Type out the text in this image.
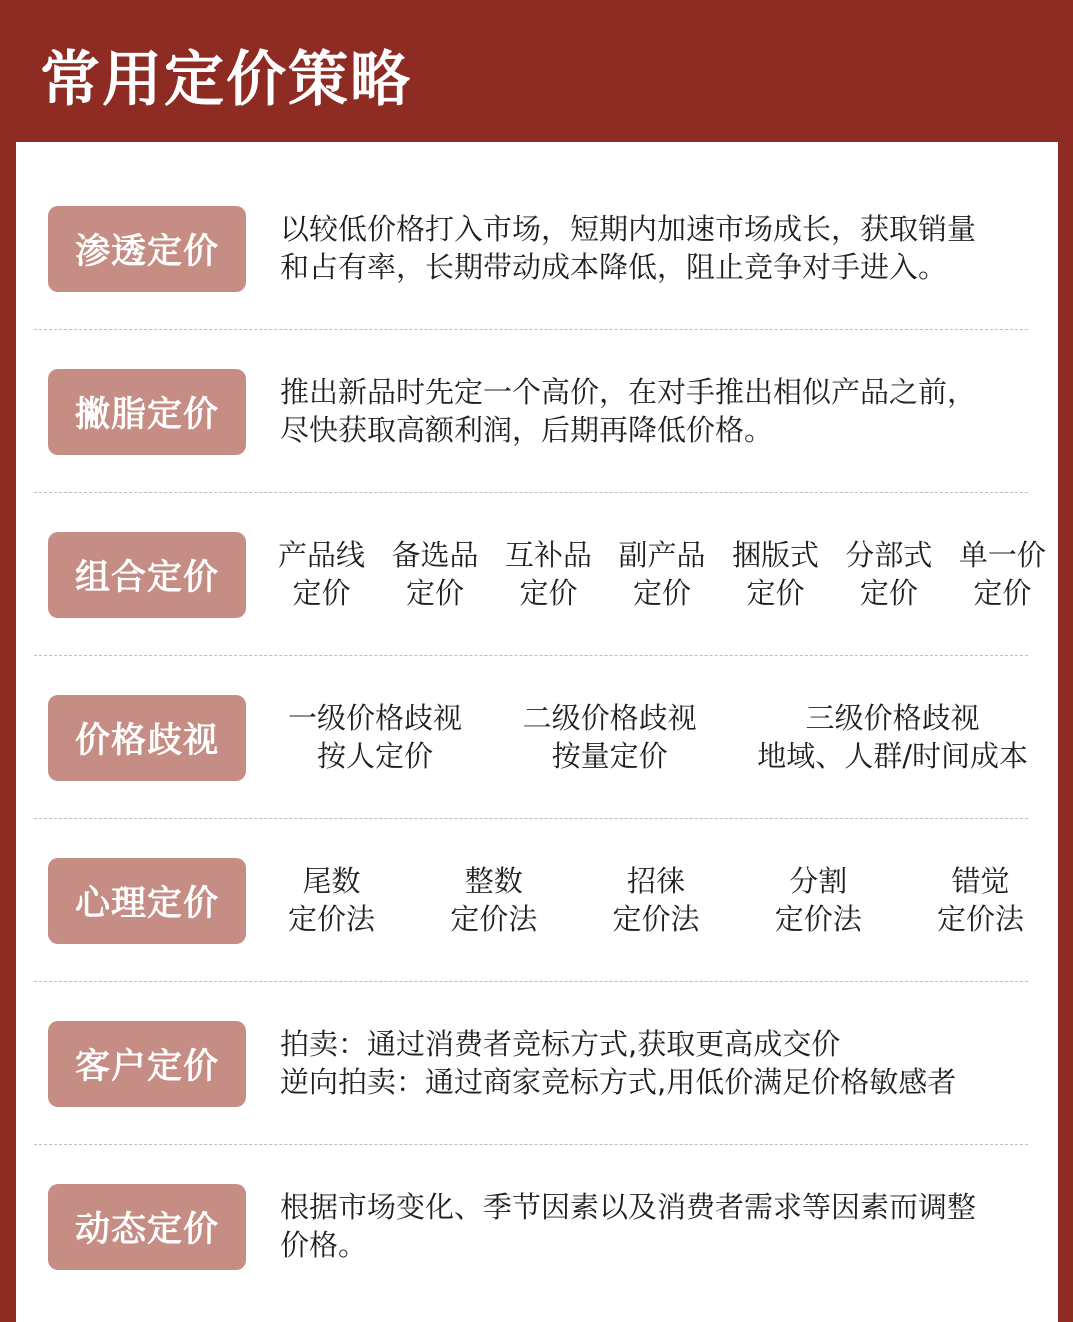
常用定价策略
渗透定价
以较低价格打入市场，短期内加速市场成长，获取销量
和占有率，长期带动成本降低，阻止竞争对手进入。
撇脂定价
推出新品时先定一个高价，在对手推出相似产品之前，
尽快获取高额利润，后期再降低价格。
组合定价
产品线
定价
备选品
定价
互补品
定价
副产品
定价
捆版式
定价
分部式
定价
单一价
定价
价格歧视
一级价格歧视
按人定价
二级价格歧视
按量定价
三级价格歧视
地域、人群/时间成本
心理定价
尾数
定价法
整数
定价法
招徕
定价法
分割
定价法
错觉
定价法
客户定价
拍卖：通过消费者竞标方式,获取更高成交价
逆向拍卖：通过商家竞标方式,用低价满足价格敏感者
动态定价
根据市场变化、季节因素以及消费者需求等因素而调整
价格。
